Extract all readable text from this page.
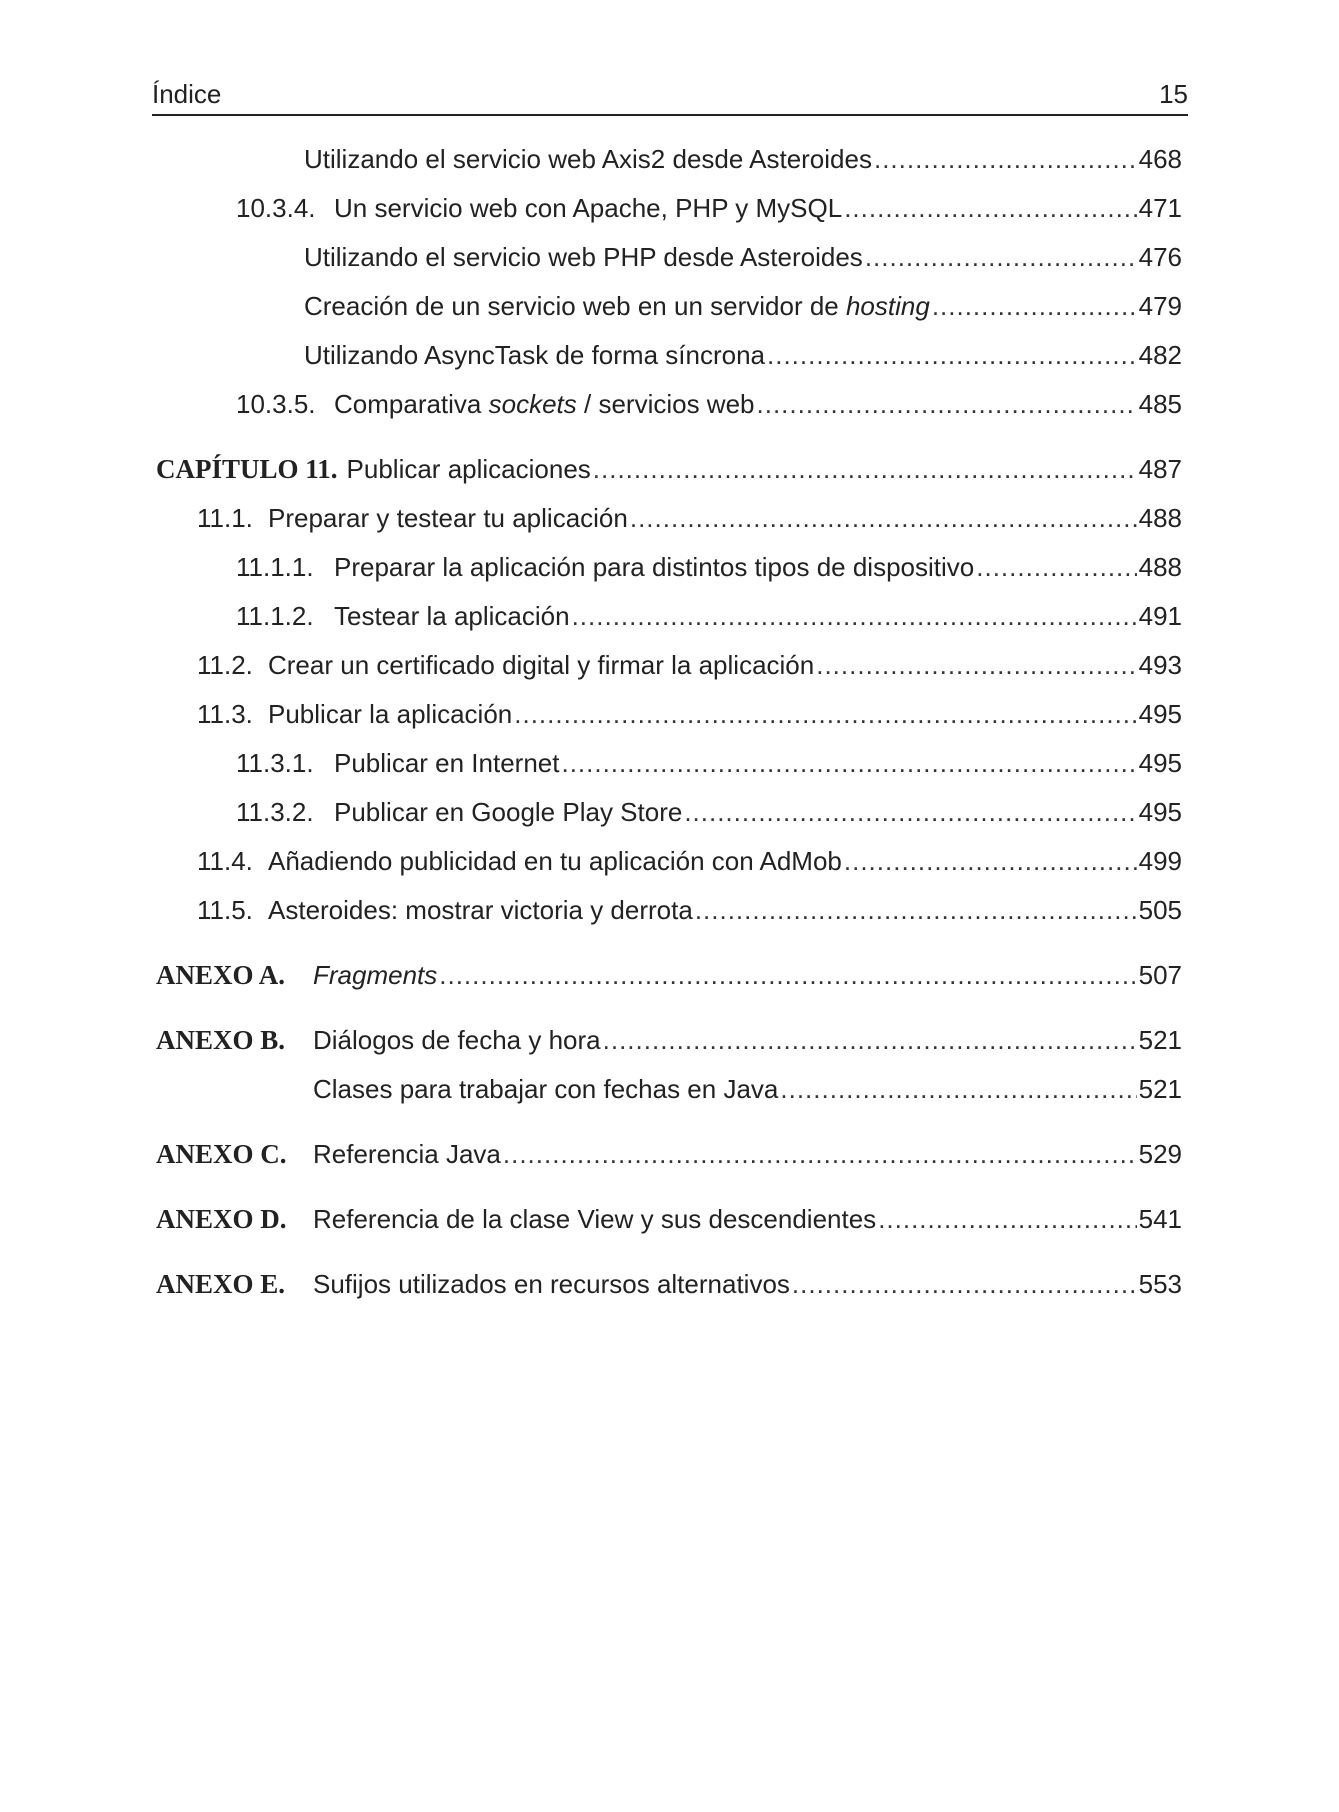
Índice	15
Utilizando el servicio web Axis2 desde Asteroides .....	468
10.3.4. Un servicio web con Apache, PHP y MySQL .....	471
Utilizando el servicio web PHP desde Asteroides .....	476
Creación de un servicio web en un servidor de hosting .....	479
Utilizando AsyncTask de forma síncrona .....	482
10.3.5. Comparativa sockets / servicios web .....	485
CAPÍTULO 11. Publicar aplicaciones .....	487
11.1. Preparar y testear tu aplicación .....	488
11.1.1. Preparar la aplicación para distintos tipos de dispositivo .....	488
11.1.2. Testear la aplicación .....	491
11.2. Crear un certificado digital y firmar la aplicación .....	493
11.3. Publicar la aplicación .....	495
11.3.1. Publicar en Internet .....	495
11.3.2. Publicar en Google Play Store .....	495
11.4. Añadiendo publicidad en tu aplicación con AdMob .....	499
11.5. Asteroides: mostrar victoria y derrota .....	505
ANEXO A.	Fragments .....	507
ANEXO B.	Diálogos de fecha y hora .....	521
Clases para trabajar con fechas en Java .....	521
ANEXO C.	Referencia Java .....	529
ANEXO D.	Referencia de la clase View y sus descendientes .....	541
ANEXO E.	Sufijos utilizados en recursos alternativos .....	553
